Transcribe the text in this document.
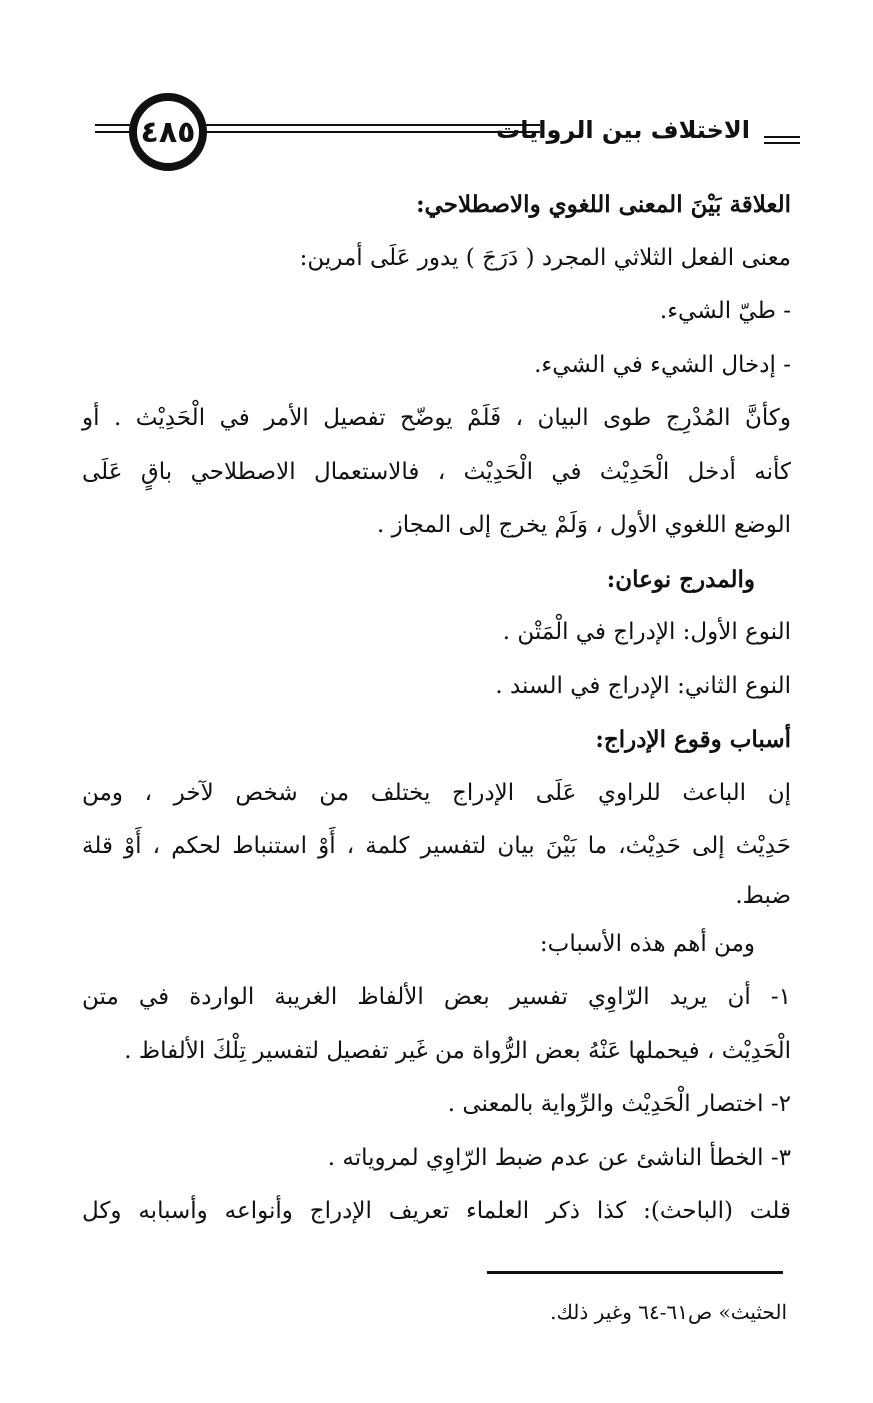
٤٨٥	الاختلاف بين الروايات
العلاقة بَيْنَ المعنى اللغوي والاصطلاحي:
معنى الفعل الثلاثي المجرد ( دَرَجَ ) يدور عَلَى أمرين:
- طيّ الشيء.
- إدخال الشيء في الشيء.
وكأنَّ المُدْرِج طوى البيان ، فَلَمْ يوضّح تفصيل الأمر في الْحَدِيْث . أو
كأنه أدخل الْحَدِيْث في الْحَدِيْث ، فالاستعمال الاصطلاحي باقٍ عَلَى
الوضع اللغوي الأول ، وَلَمْ يخرج إلى المجاز .
والمدرج نوعان:
النوع الأول: الإدراج في الْمَتْن .
النوع الثاني: الإدراج في السند .
أسباب وقوع الإدراج:
إن الباعث للراوي عَلَى الإدراج يختلف من شخص لآخر ، ومن
حَدِيْث إلى حَدِيْث، ما بَيْنَ بيان لتفسير كلمة ، أَوْ استنباط لحكم ، أَوْ قلة
ضبط.
ومن أهم هذه الأسباب:
١- أن يريد الرّاوِي تفسير بعض الألفاظ الغريبة الواردة في متن
الْحَدِيْث ، فيحملها عَنْهُ بعض الرُّواة من غَير تفصيل لتفسير تِلْكَ الألفاظ .
٢- اختصار الْحَدِيْث والرِّواية بالمعنى .
٣- الخطأ الناشئ عن عدم ضبط الرّاوِي لمروياته .
قلت (الباحث): كذا ذكر العلماء تعريف الإدراج وأنواعه وأسبابه وكل
الحثيث» ص٦١-٦٤ وغير ذلك.
